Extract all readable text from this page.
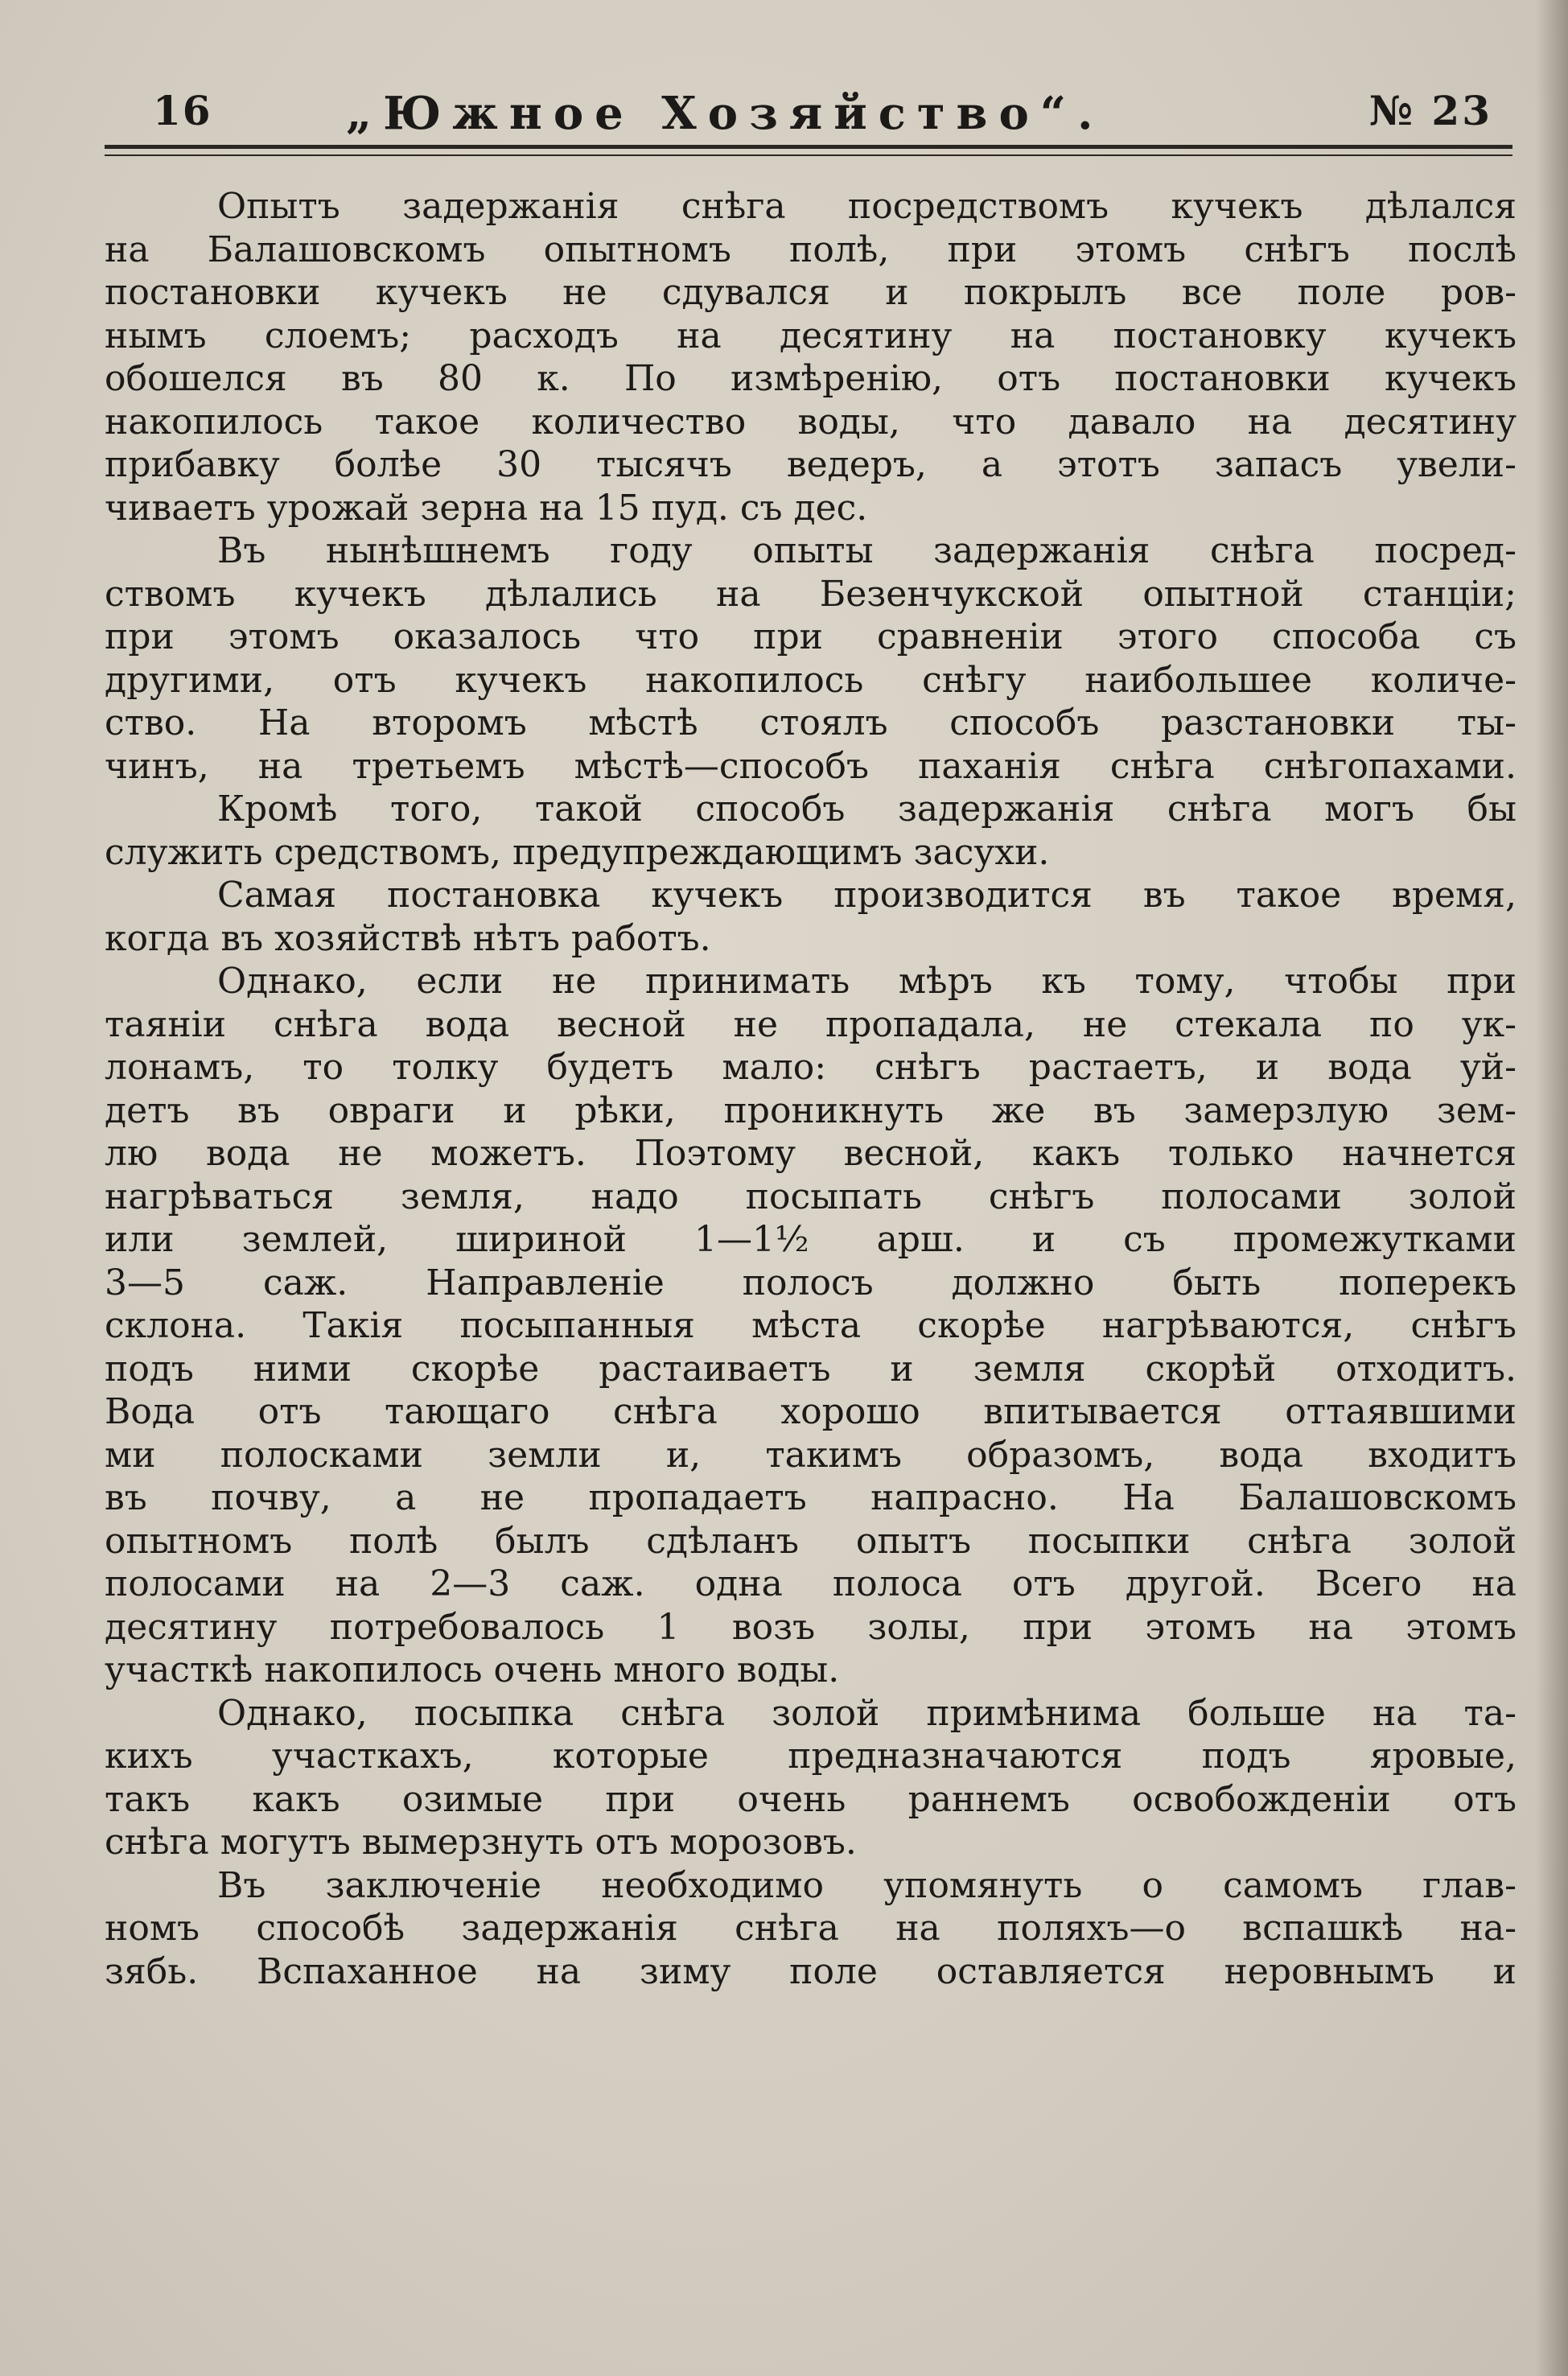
16	„Южное Хозяйство“.	№ 23
Опытъ задержанія снѣга посредствомъ кучекъ дѣлался
на Балашовскомъ опытномъ полѣ, при этомъ снѣгъ послѣ
постановки кучекъ не сдувался и покрылъ все поле ров-
нымъ слоемъ; расходъ на десятину на постановку кучекъ
обошелся въ 80 к. По измѣренію, отъ постановки кучекъ
накопилось такое количество воды, что давало на десятину
прибавку болѣе 30 тысячъ ведеръ, а этотъ запасъ увели-
чиваетъ урожай зерна на 15 пуд. съ дес.
Въ нынѣшнемъ году опыты задержанія снѣга посред-
ствомъ кучекъ дѣлались на Безенчукской опытной станціи;
при этомъ оказалось что при сравненіи этого способа съ
другими, отъ кучекъ накопилось снѣгу наибольшее количе-
ство. На второмъ мѣстѣ стоялъ способъ разстановки ты-
чинъ, на третьемъ мѣстѣ—способъ паханія снѣга снѣгопахами.
Кромѣ того, такой способъ задержанія снѣга могъ бы
служить средствомъ, предупреждающимъ засухи.
Самая постановка кучекъ производится въ такое время,
когда въ хозяйствѣ нѣтъ работъ.
Однако, если не принимать мѣръ къ тому, чтобы при
таяніи снѣга вода весной не пропадала, не стекала по ук-
лонамъ, то толку будетъ мало: снѣгъ растаетъ, и вода уй-
детъ въ овраги и рѣки, проникнуть же въ замерзлую зем-
лю вода не можетъ. Поэтому весной, какъ только начнется
нагрѣваться земля, надо посыпать снѣгъ полосами золой
или землей, шириной 1—1½ арш. и съ промежутками
3—5 саж. Направленіе полосъ должно быть поперекъ
склона. Такія посыпанныя мѣста скорѣе нагрѣваются, снѣгъ
подъ ними скорѣе растаиваетъ и земля скорѣй отходитъ.
Вода отъ тающаго снѣга хорошо впитывается оттаявшими
ми полосками земли и, такимъ образомъ, вода входитъ
въ почву, а не пропадаетъ напрасно. На Балашовскомъ
опытномъ полѣ былъ сдѣланъ опытъ посыпки снѣга золой
полосами на 2—3 саж. одна полоса отъ другой. Всего на
десятину потребовалось 1 возъ золы, при этомъ на этомъ
участкѣ накопилось очень много воды.
Однако, посыпка снѣга золой примѣнима больше на та-
кихъ участкахъ, которые предназначаются подъ яровые,
такъ какъ озимые при очень раннемъ освобожденіи отъ
снѣга могутъ вымерзнуть отъ морозовъ.
Въ заключеніе необходимо упомянуть о самомъ глав-
номъ способѣ задержанія снѣга на поляхъ—о вспашкѣ на-
зябь. Вспаханное на зиму поле оставляется неровнымъ и
